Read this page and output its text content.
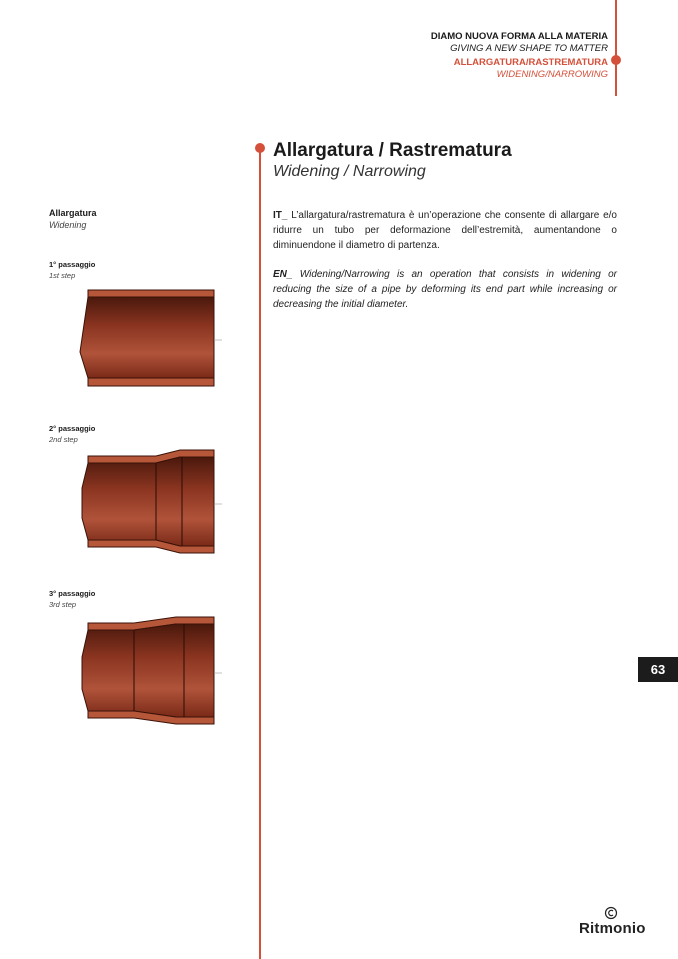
DIAMO NUOVA FORMA ALLA MATERIA
GIVING A NEW SHAPE TO MATTER
ALLARGATURA/RASTREMATURA
WIDENING/NARROWING
Allargatura / Rastrematura
Widening / Narrowing
IT_ L’allargatura/rastrematura è un’operazione che consente di allargare e/o ridurre un tubo per deformazione dell’estremità, aumentandone o diminuendone il diametro di partenza.
EN_ Widening/Narrowing is an operation that consists in widening or reducing the size of a pipe by deforming its end part while increasing or decreasing the initial diameter.
Allargatura
Widening
1° passaggio
1st step
2° passaggio
2nd step
3° passaggio
3rd step
63
Ritmonio
